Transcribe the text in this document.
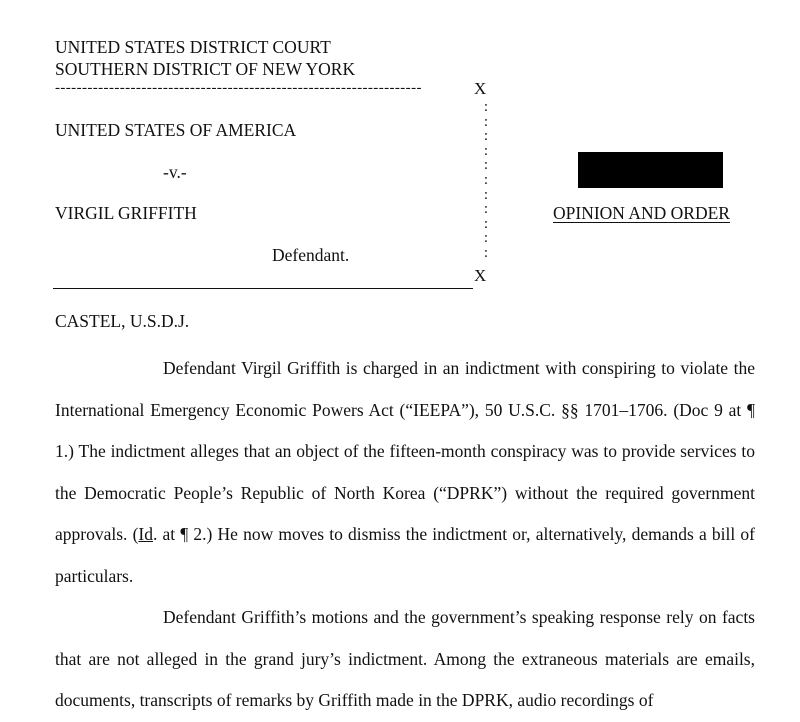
UNITED STATES DISTRICT COURT
SOUTHERN DISTRICT OF NEW YORK
--------------------------------------------------------------------	X
:
:
:
:
:
:
:
:
:
:
:
UNITED STATES OF AMERICA
-v.-
VIRGIL GRIFFITH
Defendant.
X
OPINION AND ORDER
CASTEL, U.S.D.J.

Defendant Virgil Griffith is charged in an indictment with conspiring to violate the International Emergency Economic Powers Act (“IEEPA”), 50 U.S.C. §§ 1701–1706. (Doc 9 at ¶ 1.) The indictment alleges that an object of the fifteen-month conspiracy was to provide services to the Democratic People’s Republic of North Korea (“DPRK”) without the required government approvals. (Id. at ¶ 2.) He now moves to dismiss the indictment or, alternatively, demands a bill of particulars.

Defendant Griffith’s motions and the government’s speaking response rely on facts that are not alleged in the grand jury’s indictment. Among the extraneous materials are emails, documents, transcripts of remarks by Griffith made in the DPRK, audio recordings of
